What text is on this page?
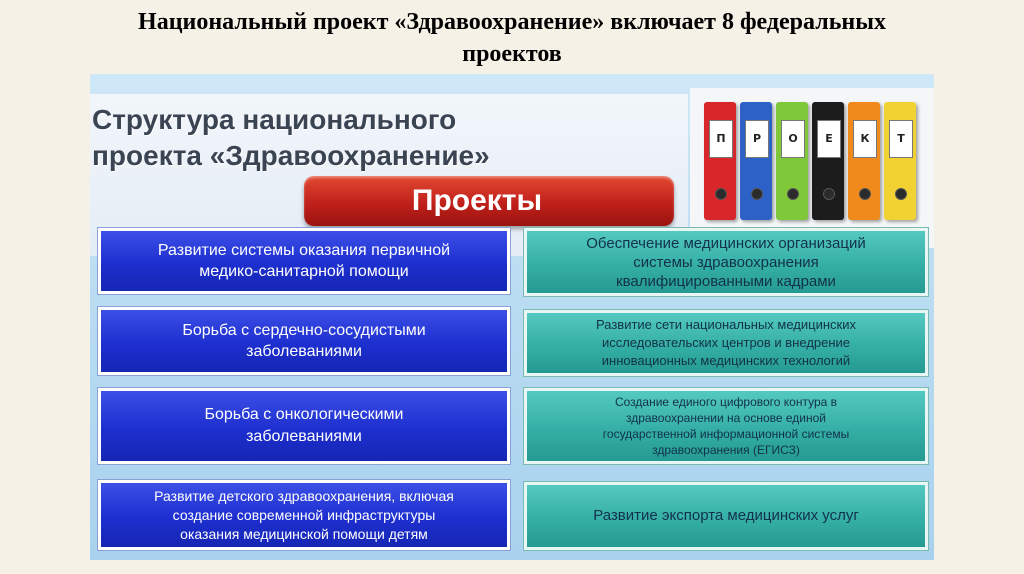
Национальный проект «Здравоохранение» включает 8 федеральных
проектов
Структура национального
проекта «Здравоохранение»
Проекты
П	Р	О	Е	К	Т
Развитие системы оказания первичной
медико-санитарной помощи
Борьба с сердечно-сосудистыми
заболеваниями
Борьба с онкологическими
заболеваниями
Развитие детского здравоохранения, включая
создание современной инфраструктуры
оказания медицинской помощи детям
Обеспечение медицинских организаций
системы здравоохранения
квалифицированными кадрами
Развитие сети национальных медицинских
исследовательских центров и внедрение
инновационных медицинских технологий
Создание единого цифрового контура в
здравоохранении на основе единой
государственной информационной системы
здравоохранения (ЕГИСЗ)
Развитие экспорта медицинских услуг
